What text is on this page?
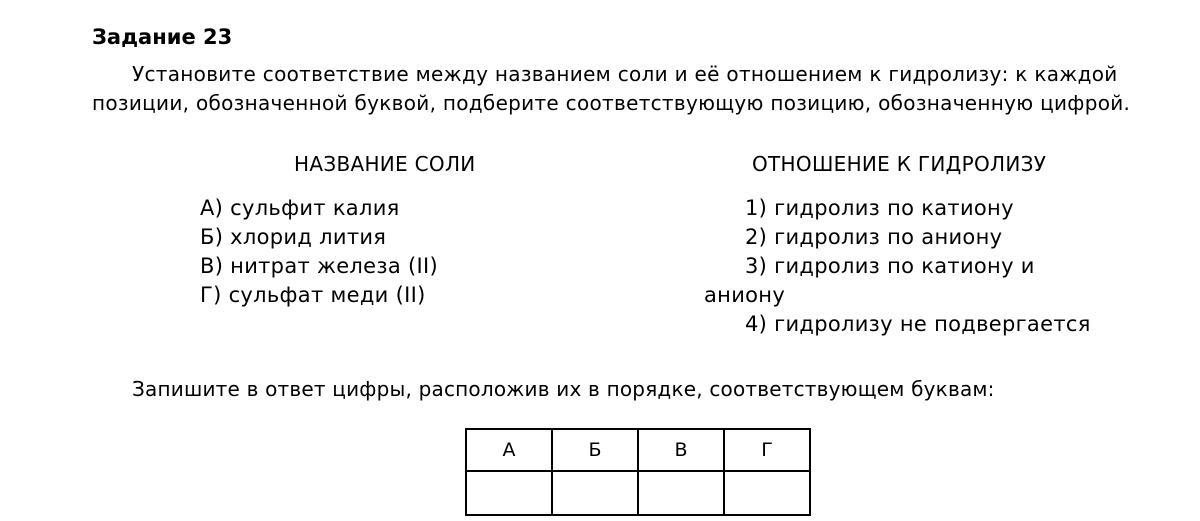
Задание 23
Установите соответствие между названием соли и её отношением к гидролизу: к каждой
позиции, обозначенной буквой, подберите соответствующую позицию, обозначенную цифрой.
НАЗВАНИЕ СОЛИ	ОТНОШЕНИЕ К ГИДРОЛИЗУ
А) сульфит калия
Б) хлорид лития
В) нитрат железа (II)
Г) сульфат меди (II)
1) гидролиз по катиону
2) гидролиз по аниону
3) гидролиз по катиону и
аниону
4) гидролизу не подвергается
Запишите в ответ цифры, расположив их в порядке, соответствующем буквам:
А	Б	В	Г
